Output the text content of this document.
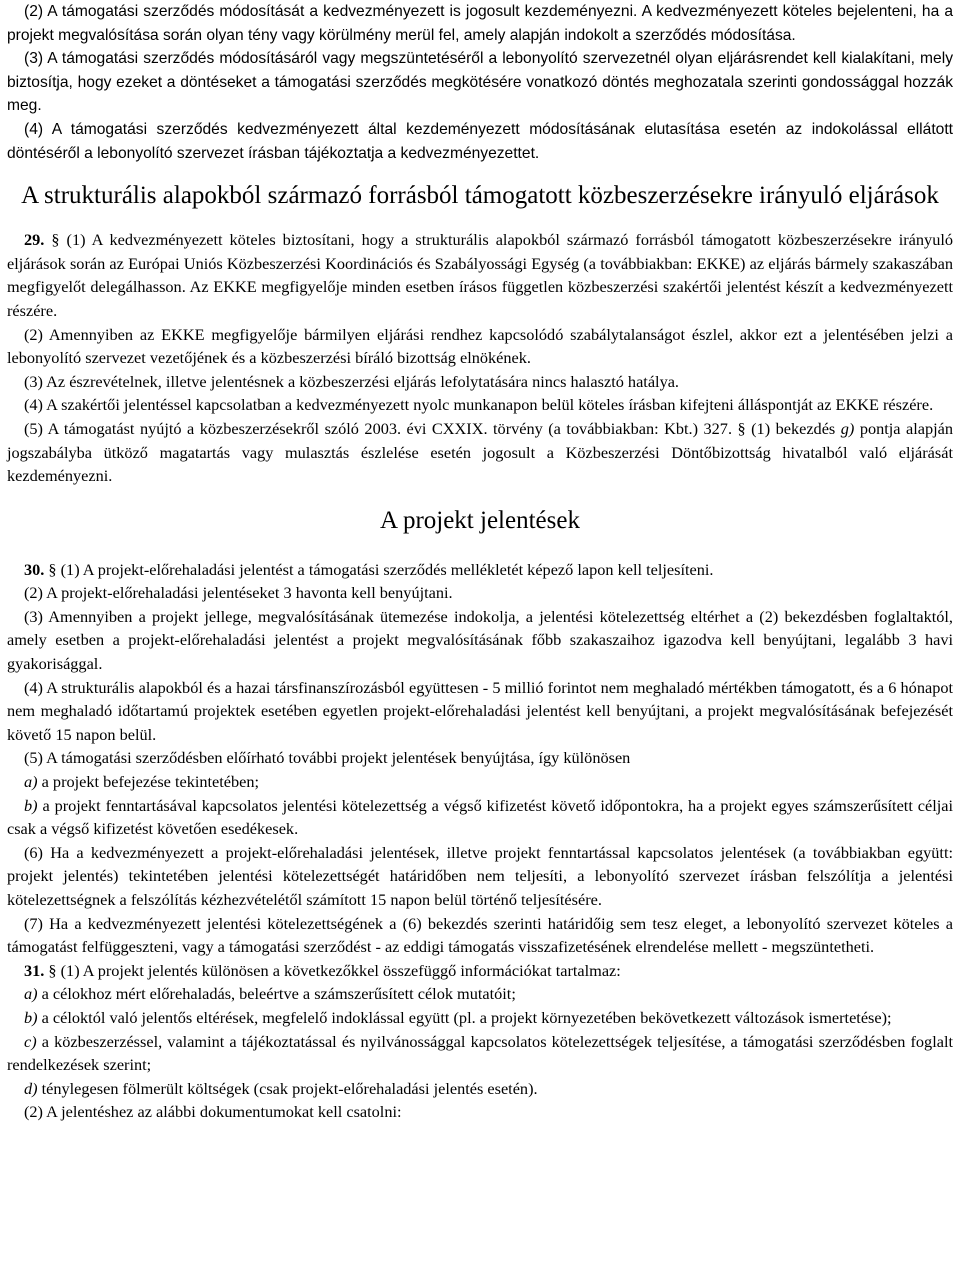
(2) A támogatási szerződés módosítását a kedvezményezett is jogosult kezdeményezni. A kedvezményezett köteles bejelenteni, ha a projekt megvalósítása során olyan tény vagy körülmény merül fel, amely alapján indokolt a szerződés módosítása.

(3) A támogatási szerződés módosításáról vagy megszüntetéséről a lebonyolító szervezetnél olyan eljárásrendet kell kialakítani, mely biztosítja, hogy ezeket a döntéseket a támogatási szerződés megkötésére vonatkozó döntés meghozatala szerinti gondossággal hozzák meg.

(4) A támogatási szerződés kedvezményezett által kezdeményezett módosításának elutasítása esetén az indokolással ellátott döntéséről a lebonyolító szervezet írásban tájékoztatja a kedvezményezettet.

A strukturális alapokból származó forrásból támogatott közbeszerzésekre irányuló eljárások

29. § (1) A kedvezményezett köteles biztosítani, hogy a strukturális alapokból származó forrásból támogatott közbeszerzésekre irányuló eljárások során az Európai Uniós Közbeszerzési Koordinációs és Szabályossági Egység (a továbbiakban: EKKE) az eljárás bármely szakaszában megfigyelőt delegálhasson. Az EKKE megfigyelője minden esetben írásos független közbeszerzési szakértői jelentést készít a kedvezményezett részére.

(2) Amennyiben az EKKE megfigyelője bármilyen eljárási rendhez kapcsolódó szabálytalanságot észlel, akkor ezt a jelentésében jelzi a lebonyolító szervezet vezetőjének és a közbeszerzési bíráló bizottság elnökének.

(3) Az észrevételnek, illetve jelentésnek a közbeszerzési eljárás lefolytatására nincs halasztó hatálya.

(4) A szakértői jelentéssel kapcsolatban a kedvezményezett nyolc munkanapon belül köteles írásban kifejteni álláspontját az EKKE részére.

(5) A támogatást nyújtó a közbeszerzésekről szóló 2003. évi CXXIX. törvény (a továbbiakban: Kbt.) 327. § (1) bekezdés g) pontja alapján jogszabályba ütköző magatartás vagy mulasztás észlelése esetén jogosult a Közbeszerzési Döntőbizottság hivatalból való eljárását kezdeményezni.

A projekt jelentések

30. § (1) A projekt-előrehaladási jelentést a támogatási szerződés mellékletét képező lapon kell teljesíteni.

(2) A projekt-előrehaladási jelentéseket 3 havonta kell benyújtani.

(3) Amennyiben a projekt jellege, megvalósításának ütemezése indokolja, a jelentési kötelezettség eltérhet a (2) bekezdésben foglaltaktól, amely esetben a projekt-előrehaladási jelentést a projekt megvalósításának főbb szakaszaihoz igazodva kell benyújtani, legalább 3 havi gyakorisággal.

(4) A strukturális alapokból és a hazai társfinanszírozásból együttesen - 5 millió forintot nem meghaladó mértékben támogatott, és a 6 hónapot nem meghaladó időtartamú projektek esetében egyetlen projekt-előrehaladási jelentést kell benyújtani, a projekt megvalósításának befejezését követő 15 napon belül.

(5) A támogatási szerződésben előírható további projekt jelentések benyújtása, így különösen

a) a projekt befejezése tekintetében;

b) a projekt fenntartásával kapcsolatos jelentési kötelezettség a végső kifizetést követő időpontokra, ha a projekt egyes számszerűsített céljai csak a végső kifizetést követően esedékesek.

(6) Ha a kedvezményezett a projekt-előrehaladási jelentések, illetve projekt fenntartással kapcsolatos jelentések (a továbbiakban együtt: projekt jelentés) tekintetében jelentési kötelezettségét határidőben nem teljesíti, a lebonyolító szervezet írásban felszólítja a jelentési kötelezettségnek a felszólítás kézhezvételétől számított 15 napon belül történő teljesítésére.

(7) Ha a kedvezményezett jelentési kötelezettségének a (6) bekezdés szerinti határidőig sem tesz eleget, a lebonyolító szervezet köteles a támogatást felfüggeszteni, vagy a támogatási szerződést - az eddigi támogatás visszafizetésének elrendelése mellett - megszüntetheti.

31. § (1) A projekt jelentés különösen a következőkkel összefüggő információkat tartalmaz:

a) a célokhoz mért előrehaladás, beleértve a számszerűsített célok mutatóit;

b) a céloktól való jelentős eltérések, megfelelő indoklással együtt (pl. a projekt környezetében bekövetkezett változások ismertetése);

c) a közbeszerzéssel, valamint a tájékoztatással és nyilvánossággal kapcsolatos kötelezettségek teljesítése, a támogatási szerződésben foglalt rendelkezések szerint;

d) ténylegesen fölmerült költségek (csak projekt-előrehaladási jelentés esetén).

(2) A jelentéshez az alábbi dokumentumokat kell csatolni:
